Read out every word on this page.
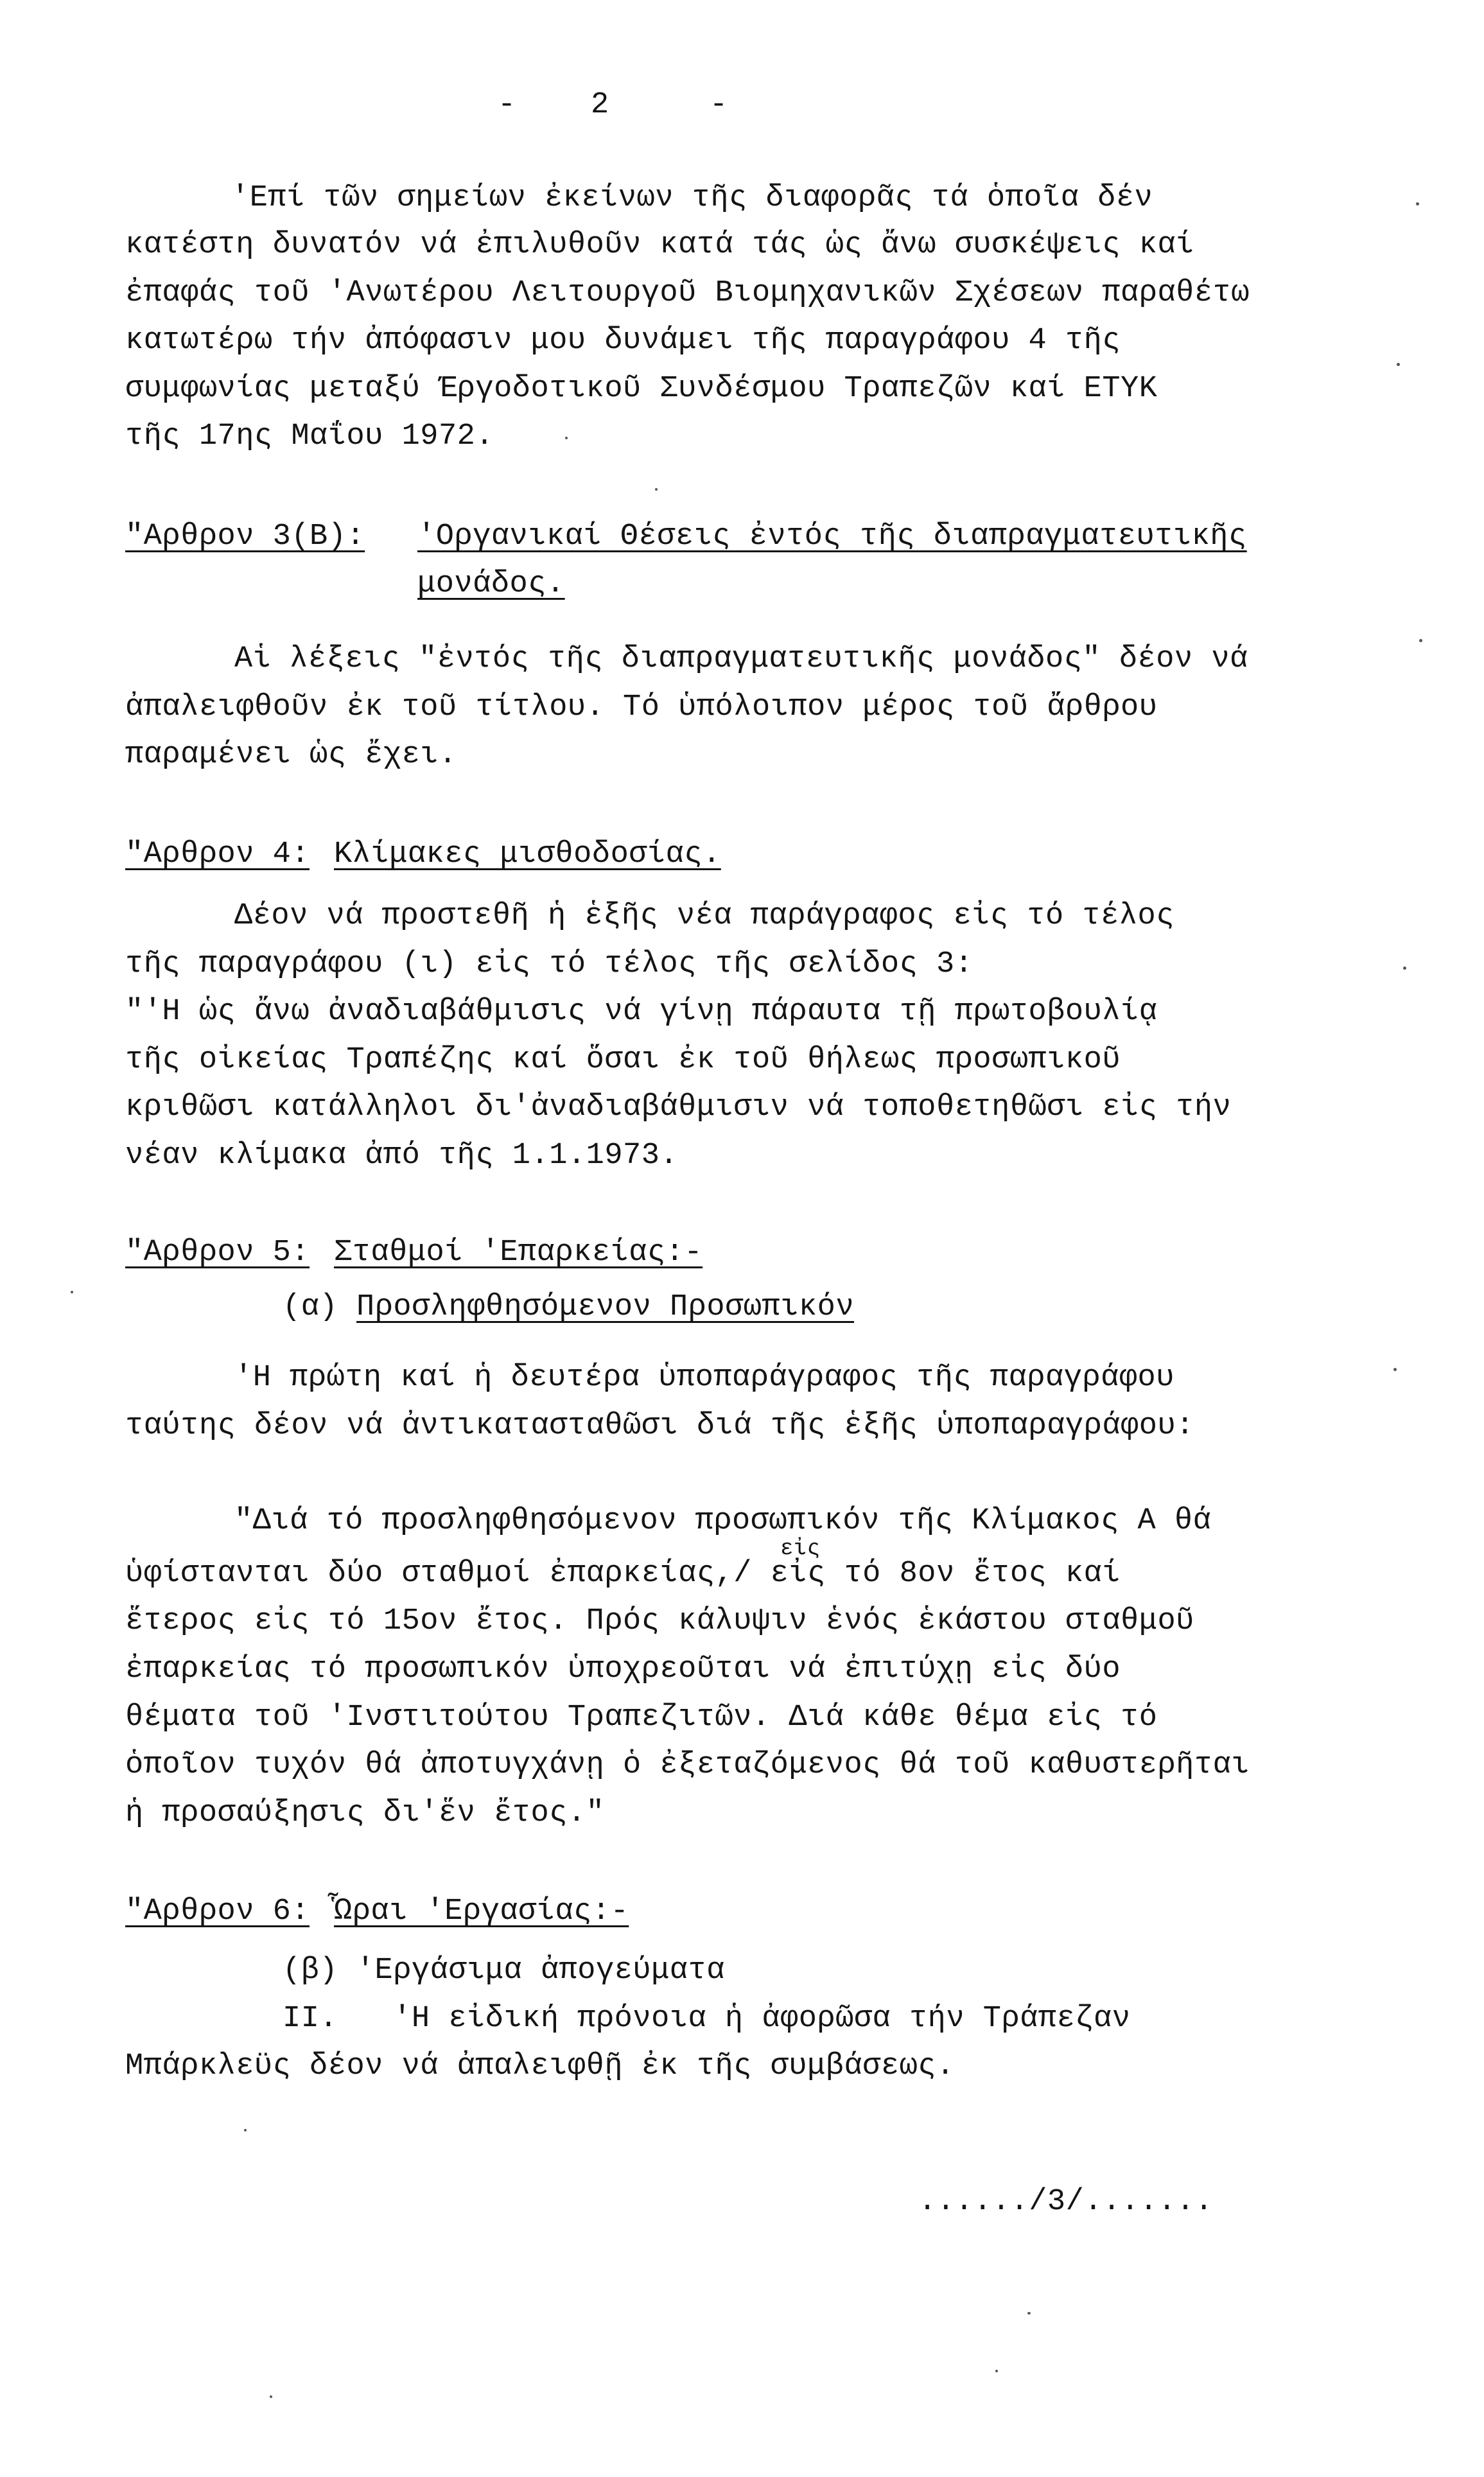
- 2	-
'Επί τῶν σημείων ἐκείνων τῆς διαφορᾶς τά ὁποῖα δέν
κατέστη δυνατόν νά ἐπιλυθοῦν κατά τάς ὡς ἄνω συσκέψεις καί
ἐπαφάς τοῦ 'Ανωτέρου Λειτουργοῦ Βιομηχανικῶν Σχέσεων παραθέτω
κατωτέρω τήν ἀπόφασιν μου δυνάμει τῆς παραγράφου 4 τῆς
συμφωνίας μεταξύ Έργοδοτικοῦ Συνδέσμου Τραπεζῶν καί ΕΤΥΚ
τῆς 17ης Μαΐου 1972.
"Αρθρον 3(Β): 'Οργανικαί Θέσεις ἐντός τῆς διαπραγματευτικῆς
μονάδος.
Αἱ λέξεις "ἐντός τῆς διαπραγματευτικῆς μονάδος" δέον νά
ἀπαλειφθοῦν ἐκ τοῦ τίτλου. Τό ὑπόλοιπον μέρος τοῦ ἄρθρου
παραμένει ὡς ἔχει.
"Αρθρον 4: Κλίμακες μισθοδοσίας.
Δέον νά προστεθῆ ἡ ἑξῆς νέα παράγραφος εἰς τό τέλος
τῆς παραγράφου (ι) εἰς τό τέλος τῆς σελίδος 3:
"'Η ὡς ἄνω ἀναδιαβάθμισις νά γίνῃ πάραυτα τῇ πρωτοβουλίᾳ
τῆς οἰκείας Τραπέζης καί ὅσαι ἐκ τοῦ θήλεως προσωπικοῦ
κριθῶσι κατάλληλοι δι'ἀναδιαβάθμισιν νά τοποθετηθῶσι εἰς τήν
νέαν κλίμακα ἀπό τῆς 1.1.1973.
"Αρθρον 5: Σταθμοί 'Επαρκείας:-
(α) Προσληφθησόμενον Προσωπικόν
'Η πρώτη καί ἡ δευτέρα ὑποπαράγραφος τῆς παραγράφου
ταύτης δέον νά ἀντικατασταθῶσι διά τῆς ἑξῆς ὑποπαραγράφου:
"Διά τό προσληφθησόμενον προσωπικόν τῆς Κλίμακος Α θά
εἰς
ὑφίστανται δύο σταθμοί ἐπαρκείας,/ εἰς τό 8ον ἔτος καί
ἕτερος εἰς τό 15ον ἔτος. Πρός κάλυψιν ἑνός ἑκάστου σταθμοῦ
ἐπαρκείας τό προσωπικόν ὑποχρεοῦται νά ἐπιτύχῃ εἰς δύο
θέματα τοῦ 'Ινστιτούτου Τραπεζιτῶν. Διά κάθε θέμα εἰς τό
ὁποῖον τυχόν θά ἀποτυγχάνῃ ὁ ἐξεταζόμενος θά τοῦ καθυστερῆται
ἡ προσαύξησις δι'ἕν ἔτος."
"Αρθρον 6: Ὧραι 'Εργασίας:-
(β) 'Εργάσιμα ἀπογεύματα
II.   'Η εἰδική πρόνοια ἡ ἀφορῶσα τήν Τράπεζαν
Μπάρκλεϋς δέον νά ἀπαλειφθῇ ἐκ τῆς συμβάσεως.
....../3/.......
